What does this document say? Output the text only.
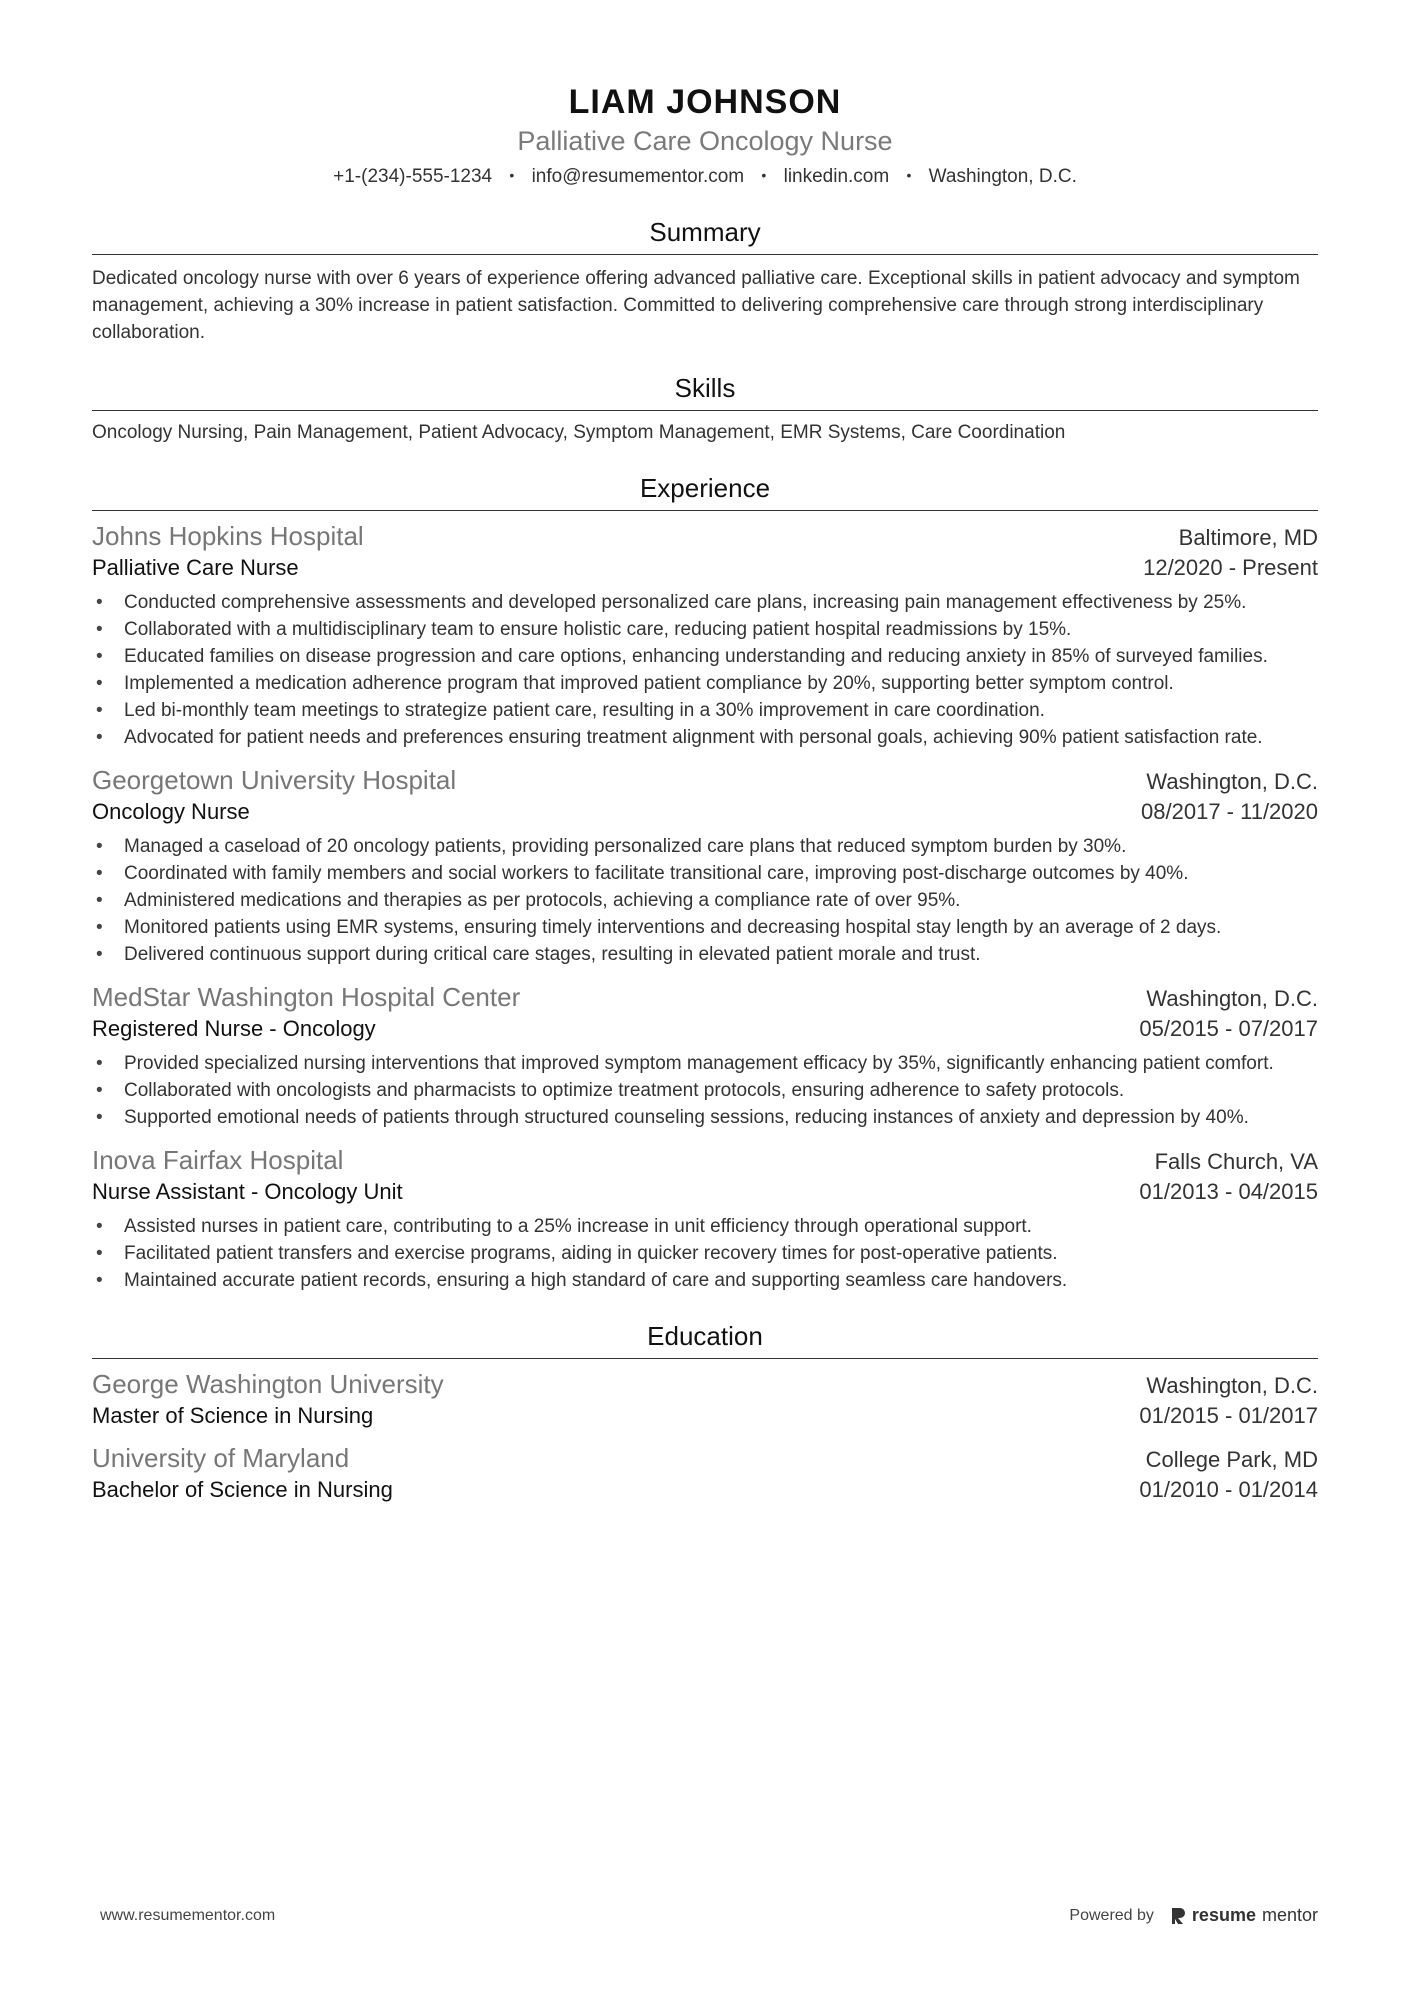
LIAM JOHNSON
Palliative Care Oncology Nurse
+1-(234)-555-1234 • info@resumementor.com • linkedin.com • Washington, D.C.
Summary
Dedicated oncology nurse with over 6 years of experience offering advanced palliative care. Exceptional skills in patient advocacy and symptom management, achieving a 30% increase in patient satisfaction. Committed to delivering comprehensive care through strong interdisciplinary collaboration.
Skills
Oncology Nursing, Pain Management, Patient Advocacy, Symptom Management, EMR Systems, Care Coordination
Experience
Johns Hopkins Hospital	Baltimore, MD
Palliative Care Nurse	12/2020 - Present
• Conducted comprehensive assessments and developed personalized care plans, increasing pain management effectiveness by 25%.
• Collaborated with a multidisciplinary team to ensure holistic care, reducing patient hospital readmissions by 15%.
• Educated families on disease progression and care options, enhancing understanding and reducing anxiety in 85% of surveyed families.
• Implemented a medication adherence program that improved patient compliance by 20%, supporting better symptom control.
• Led bi-monthly team meetings to strategize patient care, resulting in a 30% improvement in care coordination.
• Advocated for patient needs and preferences ensuring treatment alignment with personal goals, achieving 90% patient satisfaction rate.
Georgetown University Hospital	Washington, D.C.
Oncology Nurse	08/2017 - 11/2020
• Managed a caseload of 20 oncology patients, providing personalized care plans that reduced symptom burden by 30%.
• Coordinated with family members and social workers to facilitate transitional care, improving post-discharge outcomes by 40%.
• Administered medications and therapies as per protocols, achieving a compliance rate of over 95%.
• Monitored patients using EMR systems, ensuring timely interventions and decreasing hospital stay length by an average of 2 days.
• Delivered continuous support during critical care stages, resulting in elevated patient morale and trust.
MedStar Washington Hospital Center	Washington, D.C.
Registered Nurse - Oncology	05/2015 - 07/2017
• Provided specialized nursing interventions that improved symptom management efficacy by 35%, significantly enhancing patient comfort.
• Collaborated with oncologists and pharmacists to optimize treatment protocols, ensuring adherence to safety protocols.
• Supported emotional needs of patients through structured counseling sessions, reducing instances of anxiety and depression by 40%.
Inova Fairfax Hospital	Falls Church, VA
Nurse Assistant - Oncology Unit	01/2013 - 04/2015
• Assisted nurses in patient care, contributing to a 25% increase in unit efficiency through operational support.
• Facilitated patient transfers and exercise programs, aiding in quicker recovery times for post-operative patients.
• Maintained accurate patient records, ensuring a high standard of care and supporting seamless care handovers.
Education
George Washington University	Washington, D.C.
Master of Science in Nursing	01/2015 - 01/2017
University of Maryland	College Park, MD
Bachelor of Science in Nursing	01/2010 - 01/2014
www.resumementor.com	Powered by resume mentor
